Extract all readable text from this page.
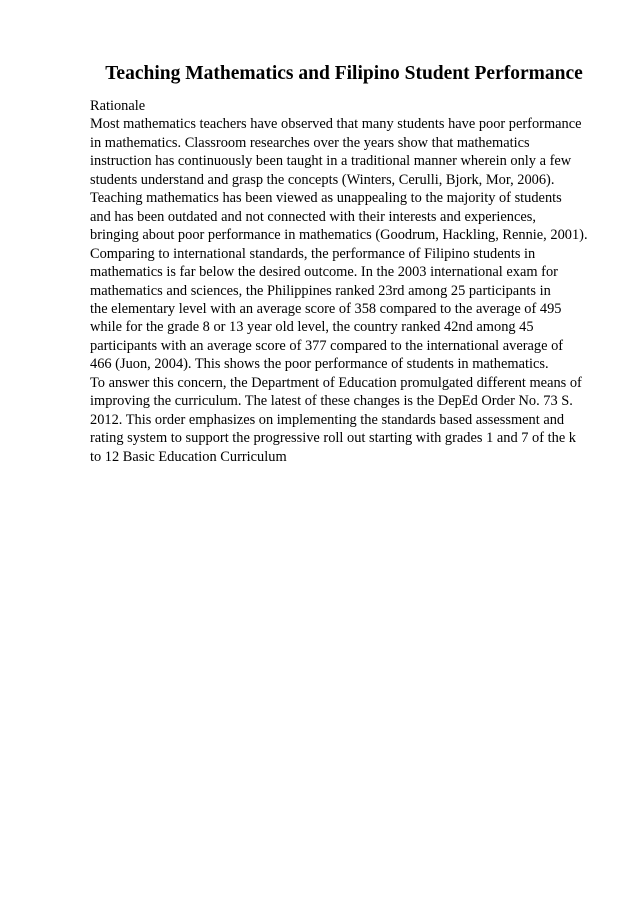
Teaching Mathematics and Filipino Student Performance
Rationale
Most mathematics teachers have observed that many students have poor performance
in mathematics. Classroom researches over the years show that mathematics
instruction has continuously been taught in a traditional manner wherein only a few
students understand and grasp the concepts (Winters, Cerulli, Bjork, Mor, 2006).
Teaching mathematics has been viewed as unappealing to the majority of students
and has been outdated and not connected with their interests and experiences,
bringing about poor performance in mathematics (Goodrum, Hackling, Rennie, 2001).
Comparing to international standards, the performance of Filipino students in
mathematics is far below the desired outcome. In the 2003 international exam for
mathematics and sciences, the Philippines ranked 23rd among 25 participants in
the elementary level with an average score of 358 compared to the average of 495
while for the grade 8 or 13 year old level, the country ranked 42nd among 45
participants with an average score of 377 compared to the international average of
466 (Juon, 2004). This shows the poor performance of students in mathematics.
To answer this concern, the Department of Education promulgated different means of
improving the curriculum. The latest of these changes is the DepEd Order No. 73 S.
2012. This order emphasizes on implementing the standards based assessment and
rating system to support the progressive roll out starting with grades 1 and 7 of the k
to 12 Basic Education Curriculum
